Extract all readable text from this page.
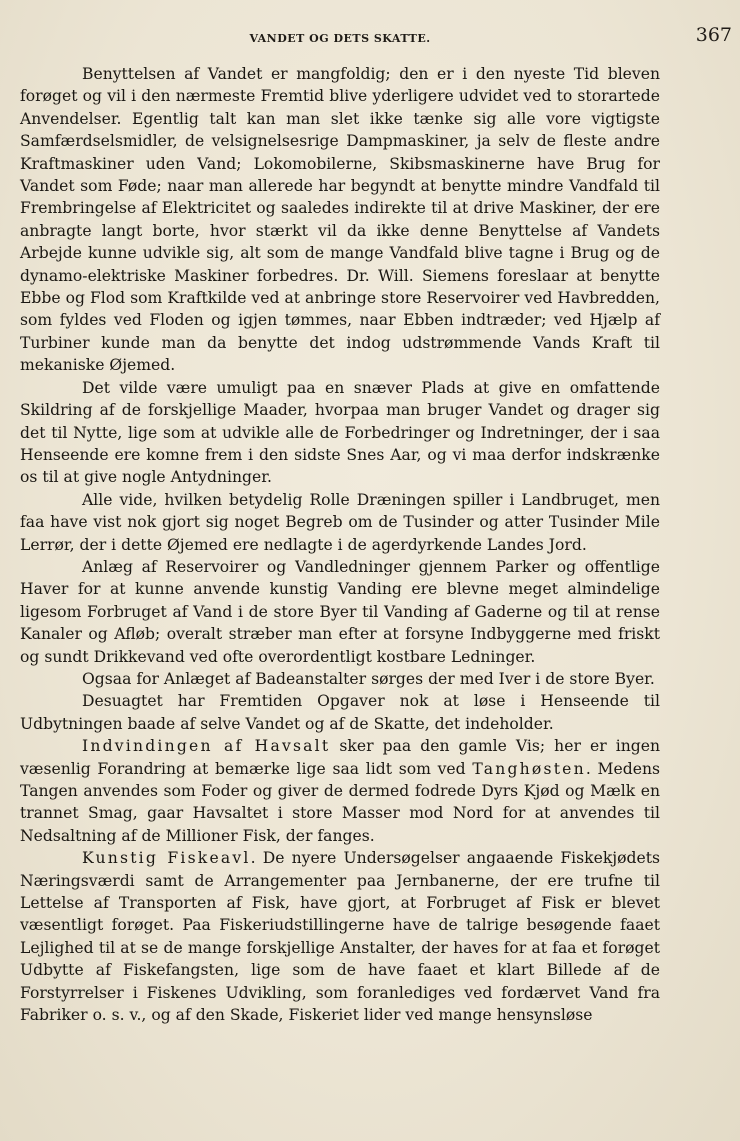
VANDET OG DETS SKATTE.	367

Benyttelsen af Vandet er mangfoldig; den er i den nyeste Tid bleven forøget og vil i den nærmeste Fremtid blive yderligere udvidet ved to storartede Anvendelser. Egentlig talt kan man slet ikke tænke sig alle vore vigtigste Samfærdselsmidler, de velsignelsesrige Dampmaskiner, ja selv de fleste andre Kraftmaskiner uden Vand; Lokomobilerne, Skibsmaskinerne have Brug for Vandet som Føde; naar man allerede har begyndt at benytte mindre Vandfald til Frembringelse af Elektricitet og saaledes indirekte til at drive Maskiner, der ere anbragte langt borte, hvor stærkt vil da ikke denne Benyttelse af Vandets Arbejde kunne udvikle sig, alt som de mange Vandfald blive tagne i Brug og de dynamo-elektriske Maskiner forbedres. Dr. Will. Siemens foreslaar at benytte Ebbe og Flod som Kraftkilde ved at anbringe store Reservoirer ved Havbredden, som fyldes ved Floden og igjen tømmes, naar Ebben indtræder; ved Hjælp af Turbiner kunde man da benytte det indog udstrømmende Vands Kraft til mekaniske Øjemed.

Det vilde være umuligt paa en snæver Plads at give en omfattende Skildring af de forskjellige Maader, hvorpaa man bruger Vandet og drager sig det til Nytte, lige som at udvikle alle de Forbedringer og Indretninger, der i saa Henseende ere komne frem i den sidste Snes Aar, og vi maa derfor indskrænke os til at give nogle Antydninger.

Alle vide, hvilken betydelig Rolle Dræningen spiller i Landbruget, men faa have vist nok gjort sig noget Begreb om de Tusinder og atter Tusinder Mile Lerrør, der i dette Øjemed ere nedlagte i de agerdyrkende Landes Jord.

Anlæg af Reservoirer og Vandledninger gjennem Parker og offentlige Haver for at kunne anvende kunstig Vanding ere blevne meget almindelige ligesom Forbruget af Vand i de store Byer til Vanding af Gaderne og til at rense Kanaler og Afløb; overalt stræber man efter at forsyne Indbyggerne med friskt og sundt Drikkevand ved ofte overordentligt kostbare Ledninger.

Ogsaa for Anlæget af Badeanstalter sørges der med Iver i de store Byer.

Desuagtet har Fremtiden Opgaver nok at løse i Henseende til Udbytningen baade af selve Vandet og af de Skatte, det indeholder.

Indvindingen af Havsalt sker paa den gamle Vis; her er ingen væsenlig Forandring at bemærke lige saa lidt som ved Tanghøsten. Medens Tangen anvendes som Foder og giver de dermed fodrede Dyrs Kjød og Mælk en trannet Smag, gaar Havsaltet i store Masser mod Nord for at anvendes til Nedsaltning af de Millioner Fisk, der fanges.

Kunstig Fiskeavl. De nyere Undersøgelser angaaende Fiskekjødets Næringsværdi samt de Arrangementer paa Jernbanerne, der ere trufne til Lettelse af Transporten af Fisk, have gjort, at Forbruget af Fisk er blevet væsentligt forøget. Paa Fiskeriudstillingerne have de talrige besøgende faaet Lejlighed til at se de mange forskjellige Anstalter, der haves for at faa et forøget Udbytte af Fiskefangsten, lige som de have faaet et klart Billede af de Forstyrrelser i Fiskenes Udvikling, som foranlediges ved fordærvet Vand fra Fabriker o. s. v., og af den Skade, Fiskeriet lider ved mange hensynsløse
